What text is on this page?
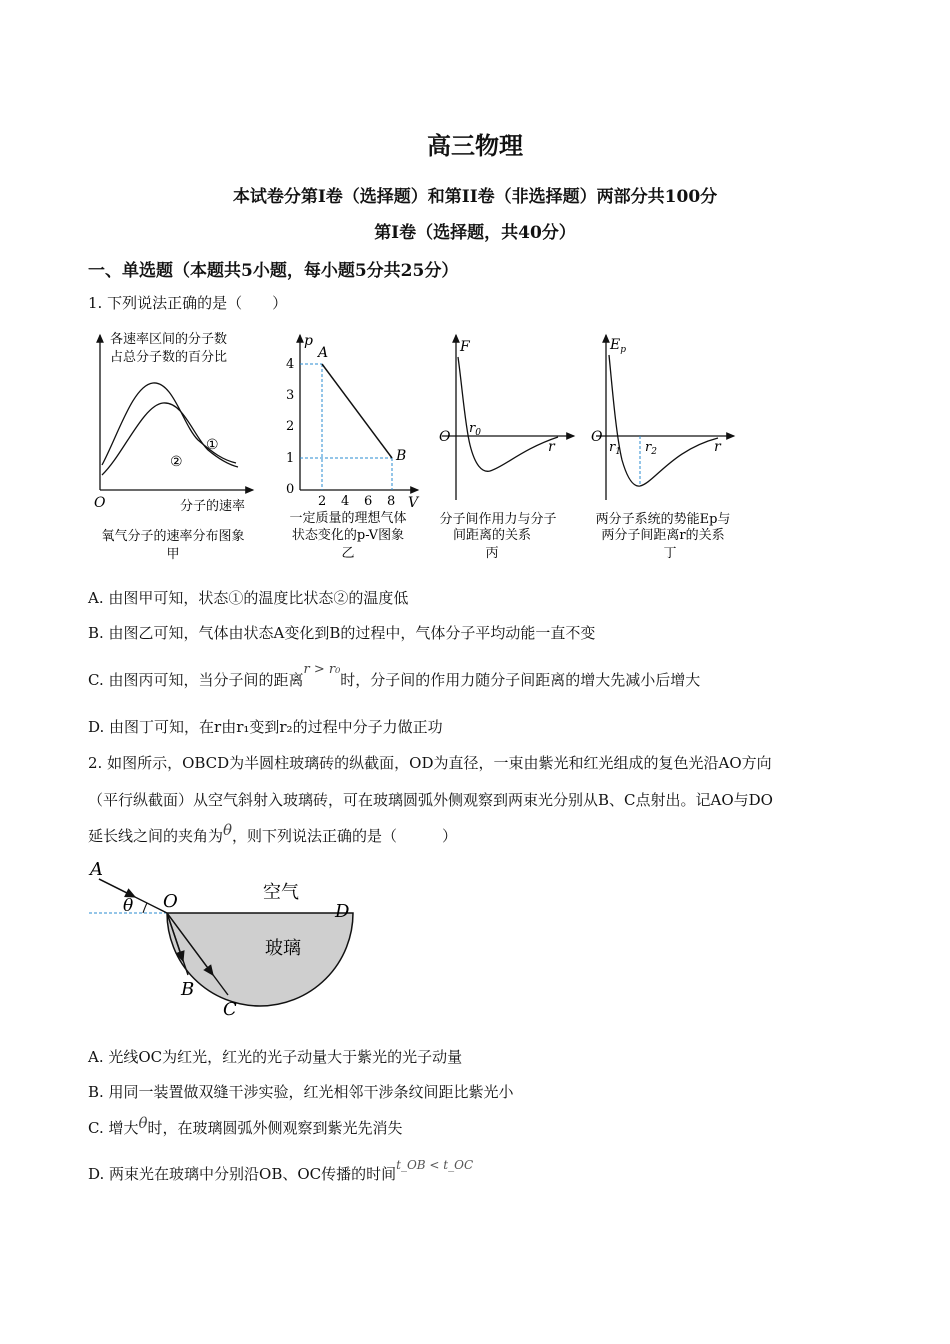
高三物理
本试卷分第I卷（选择题）和第II卷（非选择题）两部分共100分
第I卷（选择题，共40分）
一、单选题（本题共5小题，每小题5分共25分）
1. 下列说法正确的是（　　）
各速率区间的分子数
占总分子数的百分比
①
②
O	分子的速率
氧气分子的速率分布图象
甲
p
V
0
1
2
3
4
2 4 6 8
A
B
一定质量的理想气体
状态变化的p-V图象
乙
F
O
$r_0$
r
分子间作用力与分子
间距离的关系
丙
$E_p$
O
$r_1$ $r_2$	r
两分子系统的势能Ep与
两分子间距离r的关系
丁
A. 由图甲可知，状态①的温度比状态②的温度低
B. 由图乙可知，气体由状态A变化到B的过程中，气体分子平均动能一直不变
C. 由图丙可知，当分子间的距离r > r₀时，分子间的作用力随分子间距离的增大先减小后增大
D. 由图丁可知，在r由r₁变到r₂的过程中分子力做正功
2. 如图所示，OBCD为半圆柱玻璃砖的纵截面，OD为直径，一束由紫光和红光组成的复色光沿AO方向
（平行纵截面）从空气斜射入玻璃砖，可在玻璃圆弧外侧观察到两束光分别从B、C点射出。记AO与DO
延长线之间的夹角为θ，则下列说法正确的是（　　　）
A
θ O	D
B
C
空气
玻璃
A. 光线OC为红光，红光的光子动量大于紫光的光子动量
B. 用同一装置做双缝干涉实验，红光相邻干涉条纹间距比紫光小
C. 增大θ时，在玻璃圆弧外侧观察到紫光先消失
D. 两束光在玻璃中分别沿OB、OC传播的时间$^{t\_OB < t\_OC}$
